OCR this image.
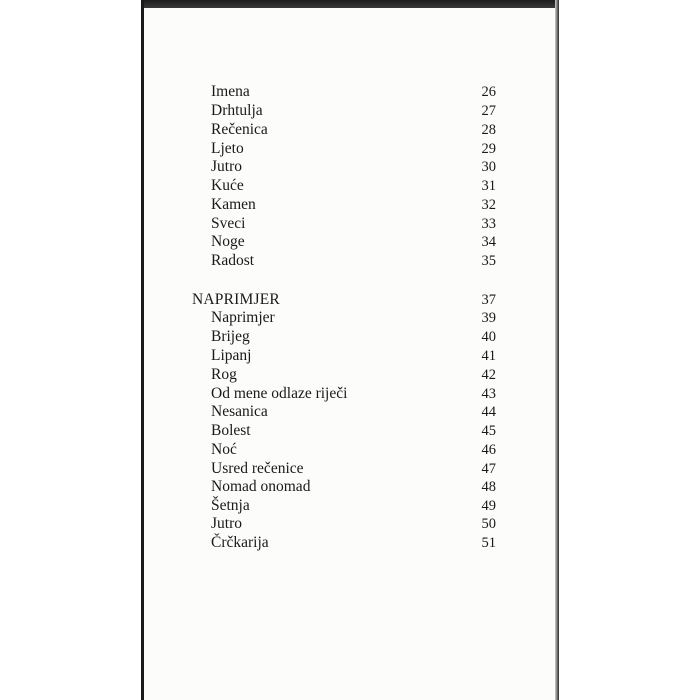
Imena	26
Drhtulja	27
Rečenica	28
Ljeto	29
Jutro	30
Kuće	31
Kamen	32
Sveci	33
Noge	34
Radost	35
NAPRIMJER	37
Naprimjer	39
Brijeg	40
Lipanj	41
Rog	42
Od mene odlaze riječi	43
Nesanica	44
Bolest	45
Noć	46
Usred rečenice	47
Nomad onomad	48
Šetnja	49
Jutro	50
Črčkarija	51
